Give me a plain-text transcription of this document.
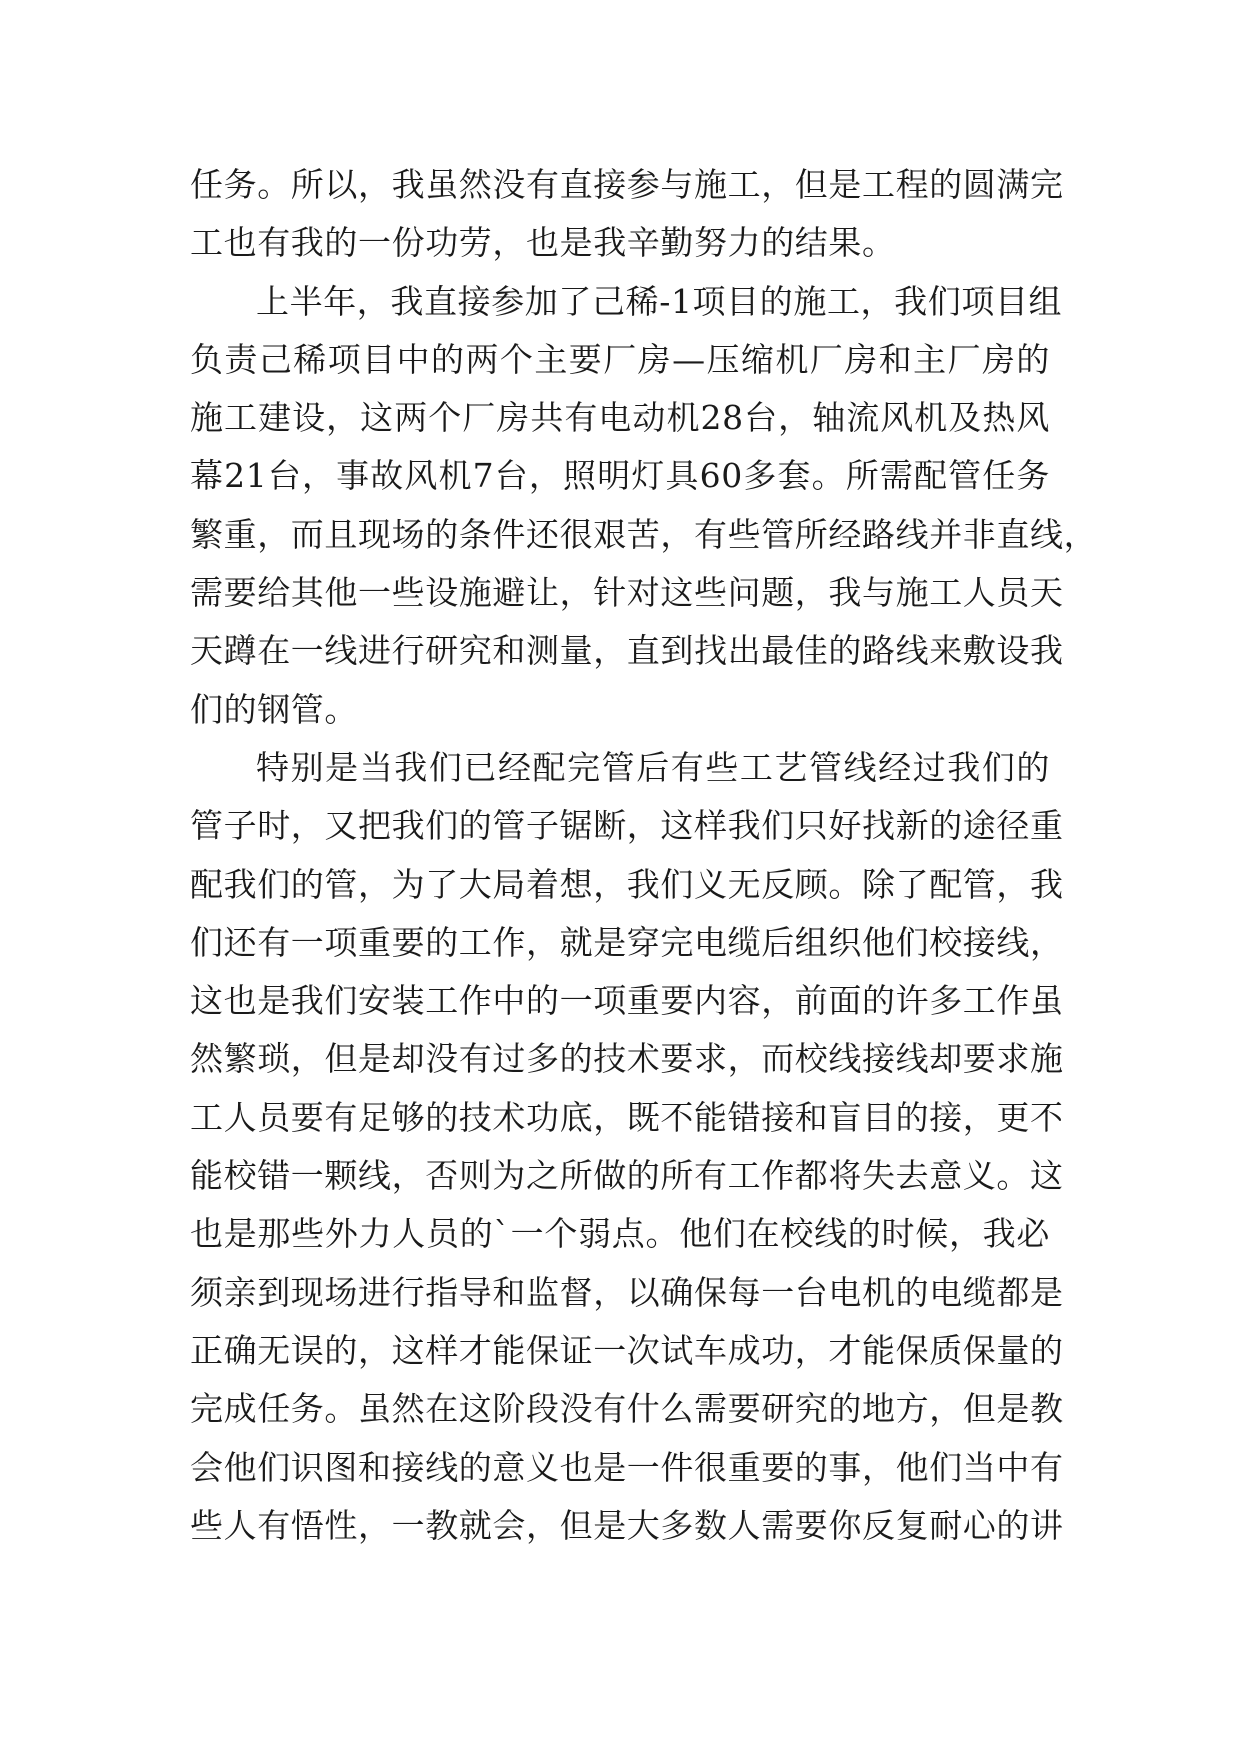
任务。所以，我虽然没有直接参与施工，但是工程的圆满完
工也有我的一份功劳，也是我辛勤努力的结果。
上半年，我直接参加了己稀-1项目的施工，我们项目组
负责己稀项目中的两个主要厂房—压缩机厂房和主厂房的
施工建设，这两个厂房共有电动机28台，轴流风机及热风
幕21台，事故风机7台，照明灯具60多套。所需配管任务
繁重，而且现场的条件还很艰苦，有些管所经路线并非直线，
需要给其他一些设施避让，针对这些问题，我与施工人员天
天蹲在一线进行研究和测量，直到找出最佳的路线来敷设我
们的钢管。
特别是当我们已经配完管后有些工艺管线经过我们的
管子时，又把我们的管子锯断，这样我们只好找新的途径重
配我们的管，为了大局着想，我们义无反顾。除了配管，我
们还有一项重要的工作，就是穿完电缆后组织他们校接线，
这也是我们安装工作中的一项重要内容，前面的许多工作虽
然繁琐，但是却没有过多的技术要求，而校线接线却要求施
工人员要有足够的技术功底，既不能错接和盲目的接，更不
能校错一颗线，否则为之所做的所有工作都将失去意义。这
也是那些外力人员的`一个弱点。他们在校线的时候，我必
须亲到现场进行指导和监督，以确保每一台电机的电缆都是
正确无误的，这样才能保证一次试车成功，才能保质保量的
完成任务。虽然在这阶段没有什么需要研究的地方，但是教
会他们识图和接线的意义也是一件很重要的事，他们当中有
些人有悟性，一教就会，但是大多数人需要你反复耐心的讲
